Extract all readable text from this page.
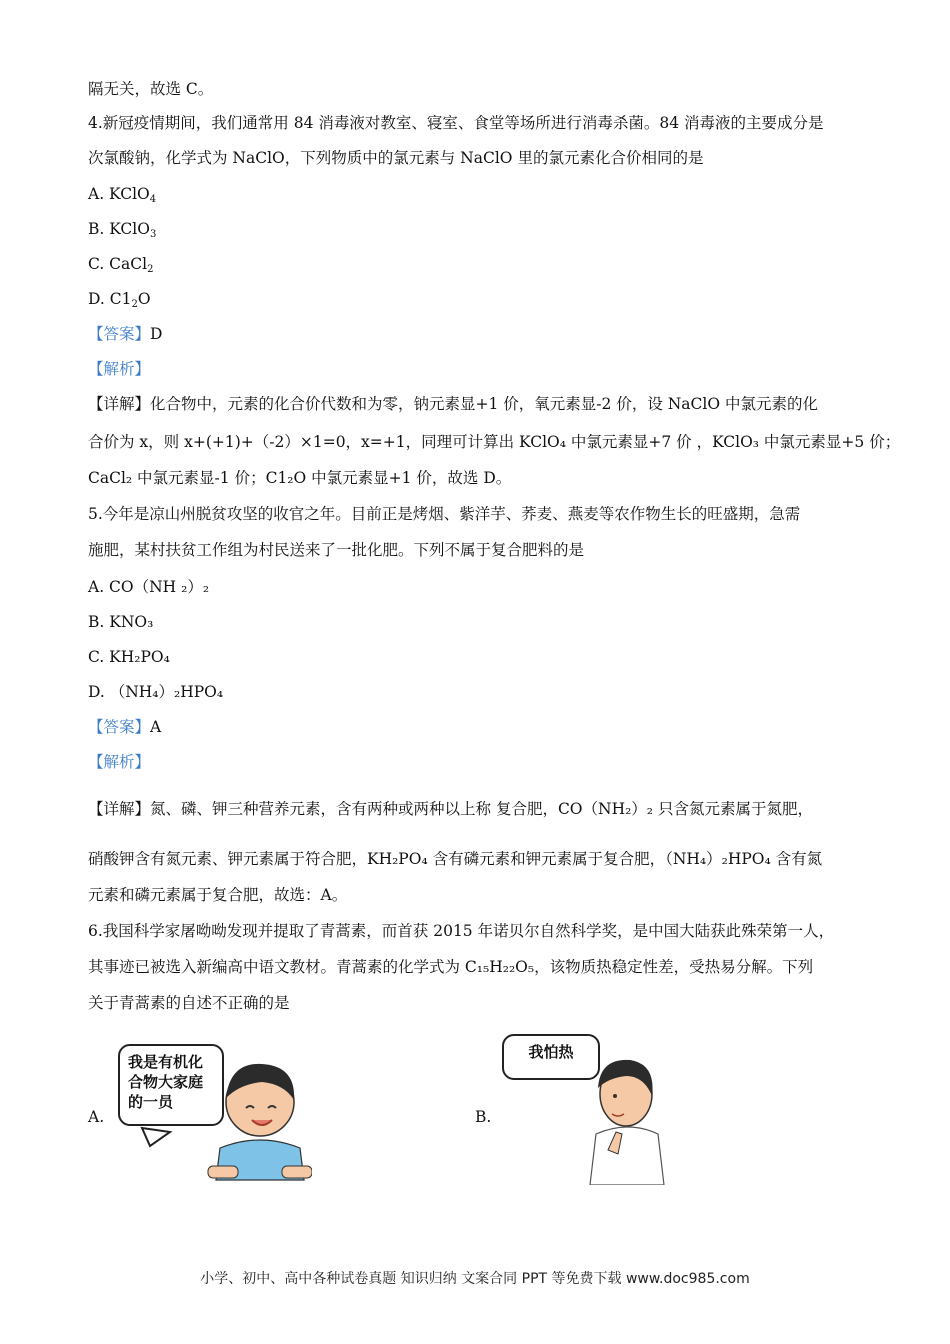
隔无关，故选 C。
4.新冠疫情期间，我们通常用 84 消毒液对教室、寝室、食堂等场所进行消毒杀菌。84 消毒液的主要成分是
次氯酸钠，化学式为 NaClO，下列物质中的氯元素与 NaClO 里的氯元素化合价相同的是
A. KClO$_4$
B. KClO$_3$
C. CaCl$_2$
D. $C1_2O$
【答案】D
【解析】
【详解】化合物中，元素的化合价代数和为零，钠元素显+1 价，氧元素显-2 价，设 NaClO 中氯元素的化
合价为 x，则 x+(+1)+（-2）×1=0，x=+1，同理可计算出 KClO₄ 中氯元素显+7 价 ，KClO₃ 中氯元素显+5 价；
CaCl₂ 中氯元素显-1 价；C1₂O 中氯元素显+1 价，故选 D。
5.今年是凉山州脱贫攻坚的收官之年。目前正是烤烟、紫洋芋、荞麦、燕麦等农作物生长的旺盛期，急需
施肥，某村扶贫工作组为村民送来了一批化肥。下列不属于复合肥料的是
A. CO（NH ₂）₂
B. KNO₃
C. KH₂PO₄
D. （NH₄）₂HPO₄
【答案】A
【解析】
【详解】氮、磷、钾三种营养元素，含有两种或两种以上称 复合肥，CO（NH₂）₂ 只含氮元素属于氮肥，
硝酸钾含有氮元素、钾元素属于符合肥，KH₂PO₄ 含有磷元素和钾元素属于复合肥，（NH₄）₂HPO₄ 含有氮
元素和磷元素属于复合肥，故选：A。
6.我国科学家屠呦呦发现并提取了青蒿素，而首获 2015 年诺贝尔自然科学奖，是中国大陆获此殊荣第一人，
其事迹已被选入新编高中语文教材。青蒿素的化学式为 C₁₅H₂₂O₅，该物质热稳定性差，受热易分解。下列
关于青蒿素的自述不正确的是
A.	B.
我是有机化
合物大家庭
的一员
我怕热
小学、初中、高中各种试卷真题 知识归纳 文案合同 PPT 等免费下载 www.doc985.com
